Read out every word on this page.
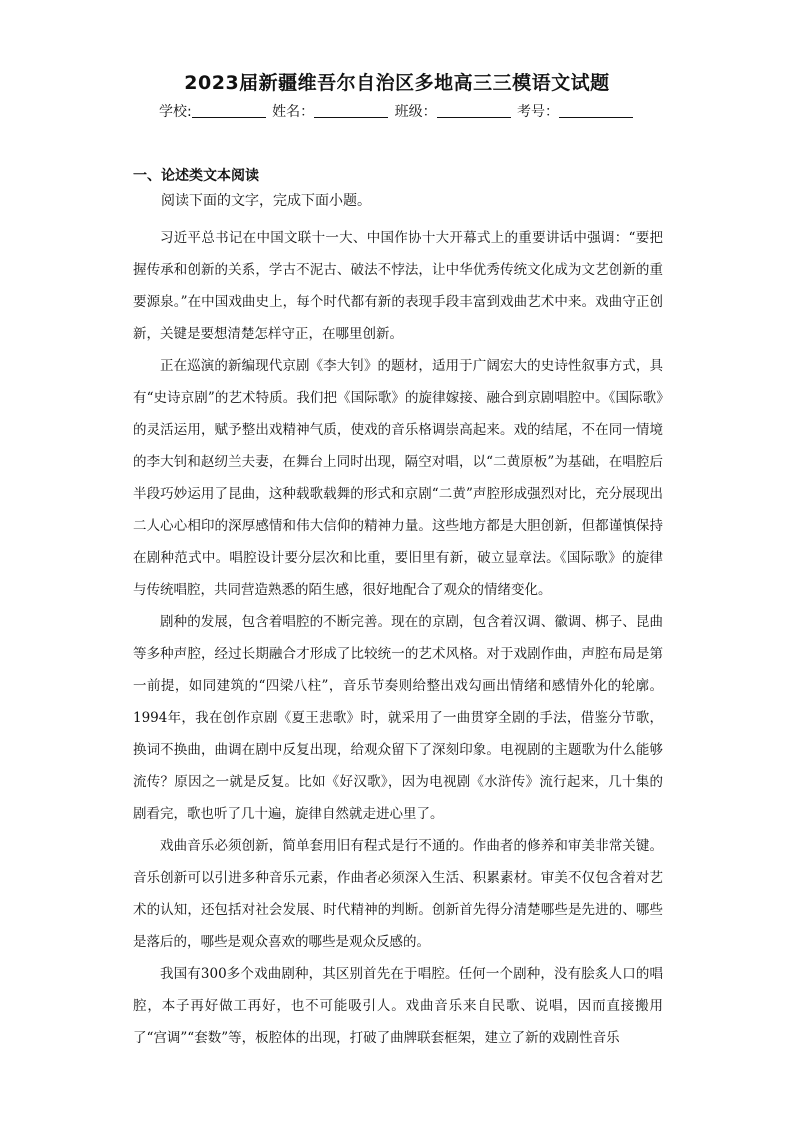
2023届新疆维吾尔自治区多地高三三模语文试题
学校:	姓名：	班级：	考号：
一、论述类文本阅读
阅读下面的文字，完成下面小题。

习近平总书记在中国文联十一大、中国作协十大开幕式上的重要讲话中强调：“要把握传承和创新的关系，学古不泥古、破法不悖法，让中华优秀传统文化成为文艺创新的重要源泉。”在中国戏曲史上，每个时代都有新的表现手段丰富到戏曲艺术中来。戏曲守正创新，关键是要想清楚怎样守正，在哪里创新。

正在巡演的新编现代京剧《李大钊》的题材，适用于广阔宏大的史诗性叙事方式，具有“史诗京剧”的艺术特质。我们把《国际歌》的旋律嫁接、融合到京剧唱腔中。《国际歌》的灵活运用，赋予整出戏精神气质，使戏的音乐格调崇高起来。戏的结尾，不在同一情境的李大钊和赵纫兰夫妻，在舞台上同时出现，隔空对唱，以“二黄原板”为基础，在唱腔后半段巧妙运用了昆曲，这种载歌载舞的形式和京剧“二黄”声腔形成强烈对比，充分展现出二人心心相印的深厚感情和伟大信仰的精神力量。这些地方都是大胆创新，但都谨慎保持在剧种范式中。唱腔设计要分层次和比重，要旧里有新，破立显章法。《国际歌》的旋律与传统唱腔，共同营造熟悉的陌生感，很好地配合了观众的情绪变化。

剧种的发展，包含着唱腔的不断完善。现在的京剧，包含着汉调、徽调、梆子、昆曲等多种声腔，经过长期融合才形成了比较统一的艺术风格。对于戏剧作曲，声腔布局是第一前提，如同建筑的“四梁八柱”，音乐节奏则给整出戏勾画出情绪和感情外化的轮廓。1994年，我在创作京剧《夏王悲歌》时，就采用了一曲贯穿全剧的手法，借鉴分节歌，换词不换曲，曲调在剧中反复出现，给观众留下了深刻印象。电视剧的主题歌为什么能够流传？原因之一就是反复。比如《好汉歌》，因为电视剧《水浒传》流行起来，几十集的剧看完，歌也听了几十遍，旋律自然就走进心里了。

戏曲音乐必须创新，简单套用旧有程式是行不通的。作曲者的修养和审美非常关键。音乐创新可以引进多种音乐元素，作曲者必须深入生活、积累素材。审美不仅包含着对艺术的认知，还包括对社会发展、时代精神的判断。创新首先得分清楚哪些是先进的、哪些是落后的，哪些是观众喜欢的哪些是观众反感的。

我国有300多个戏曲剧种，其区别首先在于唱腔。任何一个剧种，没有脍炙人口的唱腔，本子再好做工再好，也不可能吸引人。戏曲音乐来自民歌、说唱，因而直接搬用了“宫调”“套数”等，板腔体的出现，打破了曲牌联套框架，建立了新的戏剧性音乐
